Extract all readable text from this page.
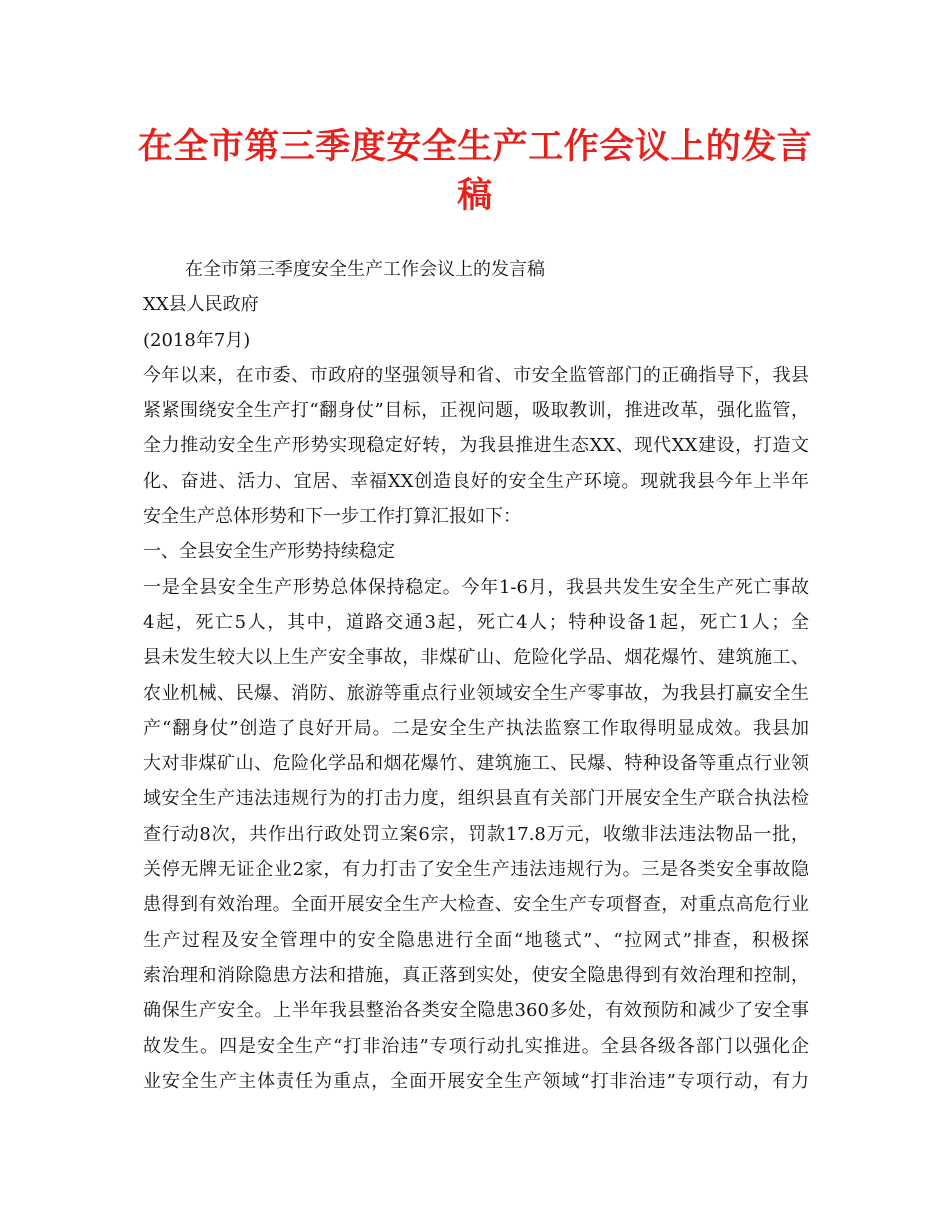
在全市第三季度安全生产工作会议上的发言
稿
在全市第三季度安全生产工作会议上的发言稿
XX县人民政府
(2018年7月)
今年以来，在市委、市政府的坚强领导和省、市安全监管部门的正确指导下，我县
紧紧围绕安全生产打“翻身仗”目标，正视问题，吸取教训，推进改革，强化监管，
全力推动安全生产形势实现稳定好转，为我县推进生态XX、现代XX建设，打造文
化、奋进、活力、宜居、幸福XX创造良好的安全生产环境。现就我县今年上半年
安全生产总体形势和下一步工作打算汇报如下：
一、全县安全生产形势持续稳定
一是全县安全生产形势总体保持稳定。今年1-6月，我县共发生安全生产死亡事故
4起，死亡5人，其中，道路交通3起，死亡4人；特种设备1起，死亡1人；全
县未发生较大以上生产安全事故，非煤矿山、危险化学品、烟花爆竹、建筑施工、
农业机械、民爆、消防、旅游等重点行业领域安全生产零事故，为我县打赢安全生
产“翻身仗”创造了良好开局。二是安全生产执法监察工作取得明显成效。我县加
大对非煤矿山、危险化学品和烟花爆竹、建筑施工、民爆、特种设备等重点行业领
域安全生产违法违规行为的打击力度，组织县直有关部门开展安全生产联合执法检
查行动8次，共作出行政处罚立案6宗，罚款17.8万元，收缴非法违法物品一批，
关停无牌无证企业2家，有力打击了安全生产违法违规行为。三是各类安全事故隐
患得到有效治理。全面开展安全生产大检查、安全生产专项督查，对重点高危行业
生产过程及安全管理中的安全隐患进行全面“地毯式”、“拉网式”排查，积极探
索治理和消除隐患方法和措施，真正落到实处，使安全隐患得到有效治理和控制，
确保生产安全。上半年我县整治各类安全隐患360多处，有效预防和减少了安全事
故发生。四是安全生产“打非治违”专项行动扎实推进。全县各级各部门以强化企
业安全生产主体责任为重点，全面开展安全生产领域“打非治违”专项行动，有力
